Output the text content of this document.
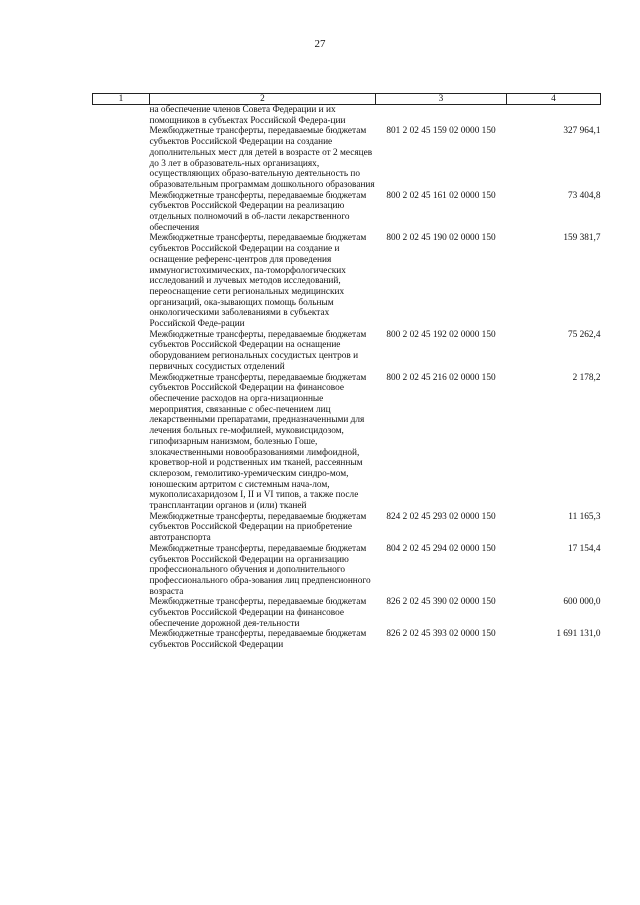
27
1	2	3	4
	на обеспечение членов Совета Федерации и их помощников в субъектах Российской Федера-ции		
	Межбюджетные трансферты, передаваемые бюджетам субъектов Российской Федерации на создание дополнительных мест для детей в возрасте от 2 месяцев до 3 лет в образователь-ных организациях, осуществляющих образо-вательную деятельность по образовательным программам дошкольного образования	801 2 02 45 159 02 0000 150	327 964,1
	Межбюджетные трансферты, передаваемые бюджетам субъектов Российской Федерации на реализацию отдельных полномочий в об-ласти лекарственного обеспечения	800 2 02 45 161 02 0000 150	73 404,8
	Межбюджетные трансферты, передаваемые бюджетам субъектов Российской Федерации на создание и оснащение референс-центров для проведения иммуногистохимических, па-томорфологических исследований и лучевых методов исследований, переоснащение сети региональных медицинских организаций, ока-зывающих помощь больным онкологическими заболеваниями в субъектах Российской Феде-рации	800 2 02 45 190 02 0000 150	159 381,7
	Межбюджетные трансферты, передаваемые бюджетам субъектов Российской Федерации на оснащение оборудованием региональных сосудистых центров и первичных сосудистых отделений	800 2 02 45 192 02 0000 150	75 262,4
	Межбюджетные трансферты, передаваемые бюджетам субъектов Российской Федерации на финансовое обеспечение расходов на орга-низационные мероприятия, связанные с обес-печением лиц лекарственными препаратами, предназначенными для лечения больных ге-мофилией, муковисцидозом, гипофизарным нанизмом, болезнью Гоше, злокачественными новообразованиями лимфоидной, кроветвор-ной и родственных им тканей, рассеянным склерозом, гемолитико-уремическим синдро-мом, юношеским артритом с системным нача-лом, мукополисахаридозом I, II и VI типов, а также после трансплантации органов и (или) тканей	800 2 02 45 216 02 0000 150	2 178,2
	Межбюджетные трансферты, передаваемые бюджетам субъектов Российской Федерации на приобретение автотранспорта	824 2 02 45 293 02 0000 150	11 165,3
	Межбюджетные трансферты, передаваемые бюджетам субъектов Российской Федерации на организацию профессионального обучения и дополнительного профессионального обра-зования лиц предпенсионного возраста	804 2 02 45 294 02 0000 150	17 154,4
	Межбюджетные трансферты, передаваемые бюджетам субъектов Российской Федерации на финансовое обеспечение дорожной дея-тельности	826 2 02 45 390 02 0000 150	600 000,0
	Межбюджетные трансферты, передаваемые бюджетам субъектов Российской Федерации	826 2 02 45 393 02 0000 150	1 691 131,0
